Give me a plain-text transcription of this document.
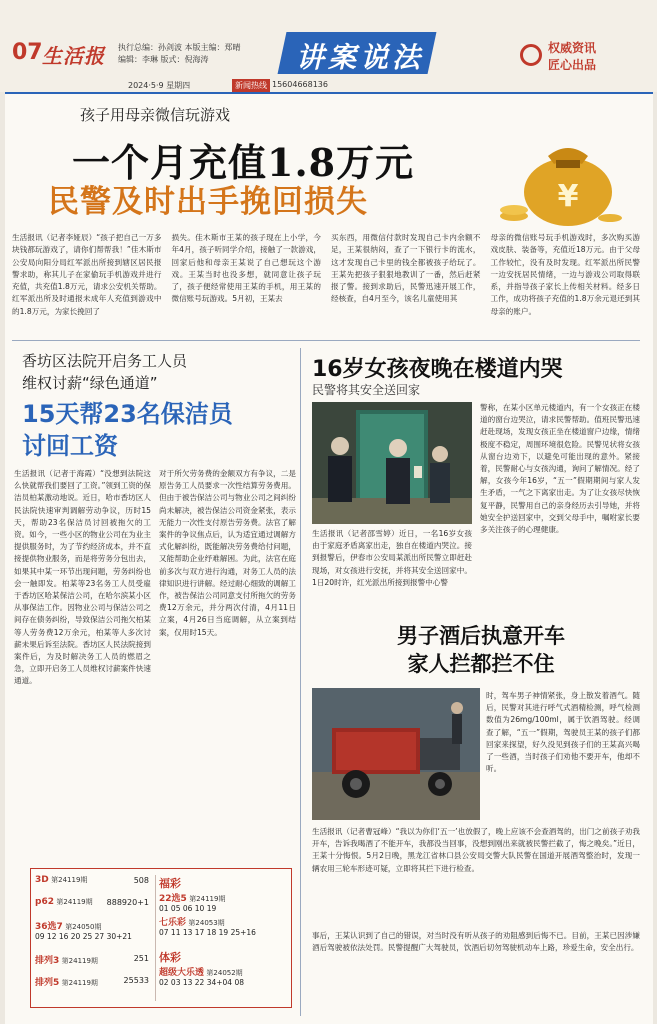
07 生活报 执行总编：孙剑波 本版主编：郑晴
编辑：李琳 版式：倪海涛	讲案说法	权威资讯
匠心出品
2024·5·9 星期四	新闻热线 15604668136
孩子用母亲微信玩游戏
一个月充值1.8万元
民警及时出手挽回损失	¥

生活报讯（记者李娅辰）“孩子把自己一万多块钱都玩游戏了，请你们帮帮我！”佳木斯市公安局向阳分局红军派出所接到辖区居民报警求助，称其儿子在家偷玩手机游戏并进行充值，共充值1.8万元，请求公安机关帮助。红军派出所及时通报未成年人充值到游戏中的1.8万元，为家长挽回了

损失。佳木斯市王某的孩子现在上小学，今年4月，孩子听同学介绍，接触了一款游戏，回家后他和母亲王某说了自己想玩这个游戏。王某当时也没多想，就同意让孩子玩了，孩子便经常使用王某的手机，用王某的微信账号玩游戏。5月初，王某去

买东西，用微信付款时发现自己卡内余额不足，王某很纳闷，查了一下银行卡的流水，这才发现自己卡里的钱全都被孩子给玩了。王某先把孩子狠狠地教训了一番，然后赶紧报了警。接到求助后，民警迅速开展工作，经核查，自4月至今，该名儿童使用其

母亲的微信账号玩手机游戏时，多次购买游戏皮肤、装备等，充值近18万元。由于父母工作较忙，没有及时发现。红军派出所民警一边安抚居民情绪，一边与游戏公司取得联系，并指导孩子家长上传相关材料。经多日工作，成功将孩子充值的1.8万余元退还到其母亲的账户。

香坊区法院开启务工人员
维权讨薪“绿色通道”
15天帮23名保洁员
讨回工资

生活报讯（记者于海霞）“没想到法院这么快就帮我们要回了工资。”领到工资的保洁员柏某激动地说。近日，哈市香坊区人民法院快速审判调解劳动争议，历时15天，帮助23名保洁员讨回被拖欠的工资。如今，一些小区的物业公司在为业主提供服务时，为了节约经济成本，并不直接提供物业服务，而是将劳务分包出去，如果其中某一环节出现问题，劳务纠纷也会一触即发。柏某等23名务工人员受雇于香坊区哈某保洁公司，在哈尔滨某小区从事保洁工作。因物业公司与保洁公司之间存在债务纠纷，导致保洁公司拖欠柏某等人劳务费12万余元，柏某等人多次讨薪未果后诉至法院。香坊区人民法院接到案件后，为及时解决务工人员的燃眉之急，立即开启务工人员维权讨薪案件快速通道。

对于所欠劳务费的金额双方有争议，二是原告务工人员要求一次性结算劳务费用。但由于被告保洁公司与物业公司之间纠纷尚未解决，被告保洁公司资金紧张，表示无能力一次性支付原告劳务费。法官了解案件的争议焦点后，认为适宜通过调解方式化解纠纷，既能解决劳务费给付问题，又能帮助企业纾难解困。为此，法官在庭前多次与双方进行沟通，对务工人员的法律知识进行讲解。经过耐心细致的调解工作，被告保洁公司同意支付所拖欠的劳务费12万余元，并分两次付清，4月11日立案，4月26日当庭调解，从立案到结案，仅用时15天。

3D 第24119期	508
p62 第24119期 888920+1
36选7 第24050期
09 12 16 20 25 27 30+21
排列3 第24119期	251
排列5 第24119期	25533
福彩
22选5 第24119期
01 05 06 10 19
七乐彩 第24053期
07 11 13 17 18 19 25+16
体彩
超级大乐透 第24052期
02 03 13 22 34+04 08
16岁女孩夜晚在楼道内哭
民警将其安全送回家
生活报讯（记者邵雪婷）近日，一名16岁女孩由于家庭矛盾离家出走，独自在楼道内哭泣。接到报警后，伊春市公安局某派出所民警立即赶赴现场，对女孩进行安抚，并将其安全送回家中。1日20时许，红光派出所接到报警中心警
警称，在某小区单元楼道内，有一个女孩正在楼道的窗台边哭泣，请求民警帮助。值班民警迅速赶赴现场，发现女孩正坐在楼道窗户边缘，情绪极度不稳定，周围环境很危险。民警见状将女孩从窗台边劝下，以避免可能出现的意外。紧接着，民警耐心与女孩沟通，询问了解情况。经了解，女孩今年16岁，“五一”假期期间与家人发生矛盾，一气之下离家出走。为了让女孩尽快恢复平静，民警用自己的亲身经历去引导她，并将她安全护送回家中，交到父母手中，嘱咐家长要多关注孩子的心理健康。
男子酒后执意开车
家人拦都拦不住
时，驾车男子神情紧张，身上散发着酒气。随后，民警对其进行呼气式酒精检测，呼气检测数值为26mg/100ml，属于饮酒驾驶。经调查了解，“五一”假期，驾驶员王某的孩子们都回家来探望，好久没见到孩子们的王某高兴喝了一些酒，当时孩子们劝他不要开车，他却不听。
生活报讯（记者曹冠峰）“我以为你们‘五一’也放假了，晚上应该不会查酒驾的，出门之前孩子劝我开车，告诉我喝酒了不能开车，我都没当回事，没想到刚出来就被民警拦截了，悔之晚矣。”近日，王某十分悔恨。5月2日晚，黑龙江省林口县公安局交警大队民警在国道开展酒驾整治时，发现一辆农用三轮车形迹可疑，立即将其拦下进行检查。
事后，王某认识到了自己的错误，对当时没有听从孩子的劝阻感到后悔不已。目前，王某已因涉嫌酒后驾驶被依法处罚。民警提醒广大驾驶员，饮酒后切勿驾驶机动车上路，珍爱生命，安全出行。
